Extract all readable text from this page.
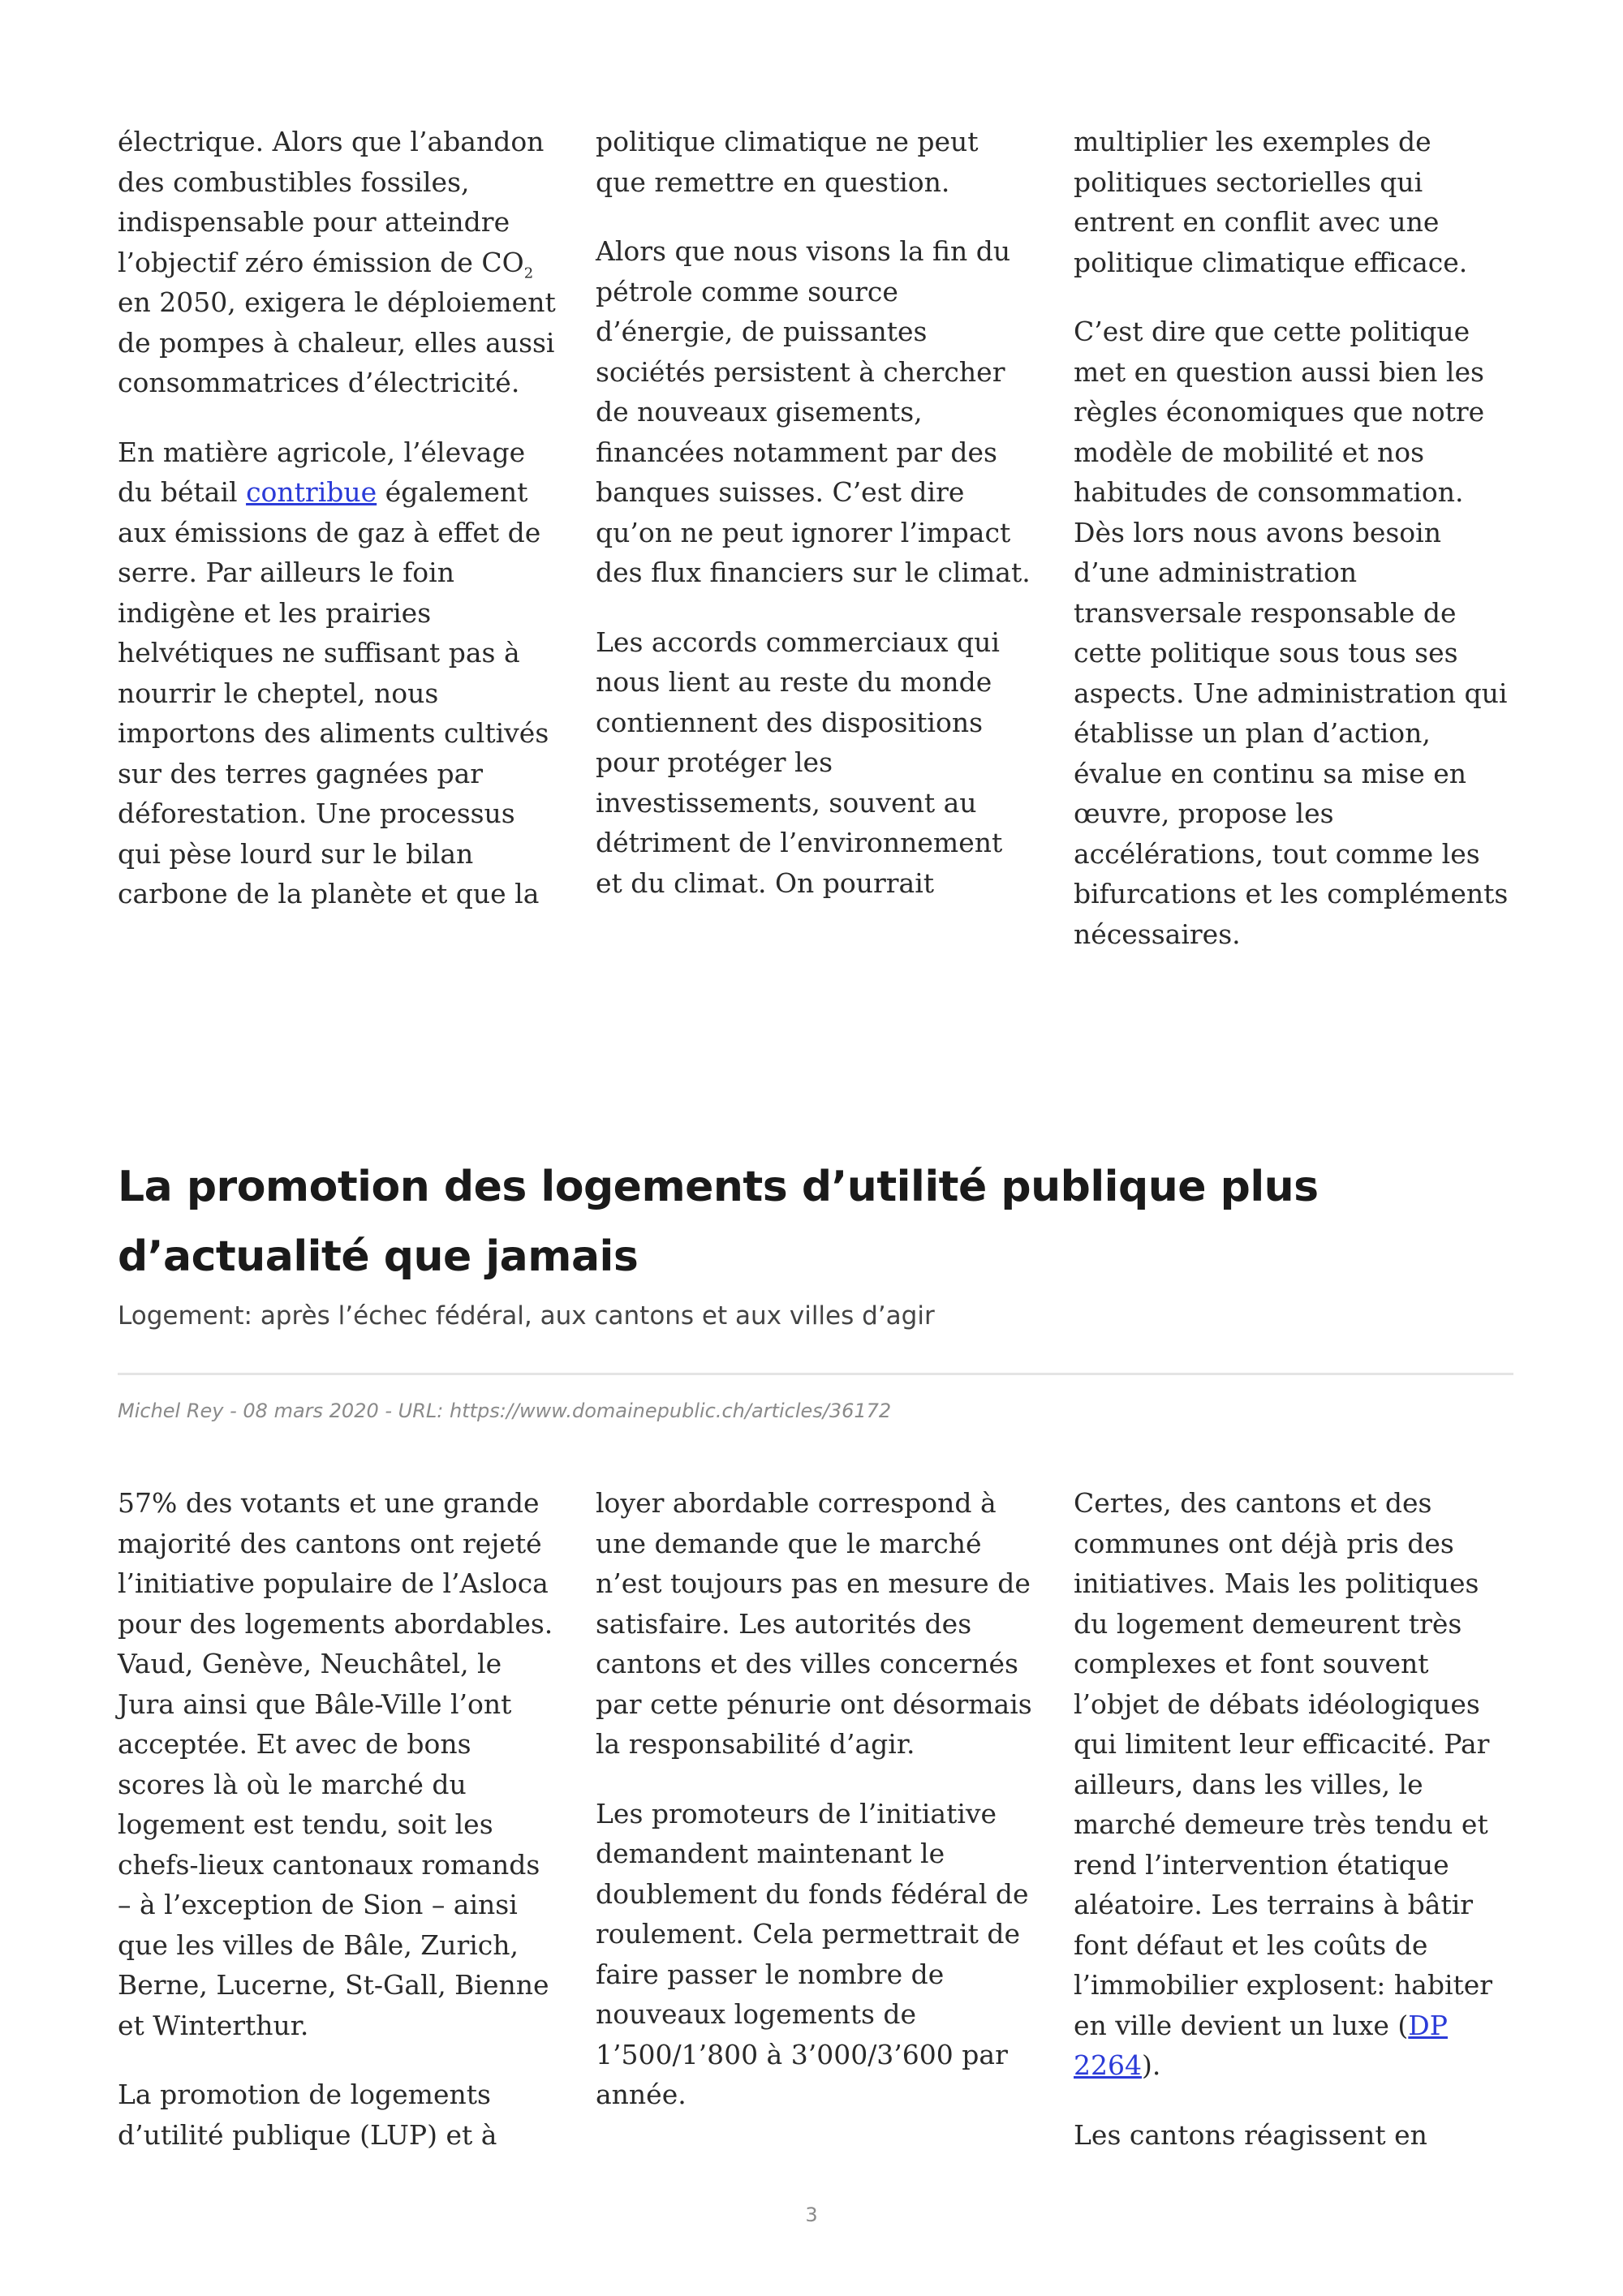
électrique. Alors que l’abandon des combustibles fossiles, indispensable pour atteindre l’objectif zéro émission de $CO_2$ en 2050, exigera le déploiement de pompes à chaleur, elles aussi consommatrices d’électricité.

En matière agricole, l’élevage du bétail contribue également aux émissions de gaz à effet de serre. Par ailleurs le foin indigène et les prairies helvétiques ne suffisant pas à nourrir le cheptel, nous importons des aliments cultivés sur des terres gagnées par déforestation. Une processus qui pèse lourd sur le bilan carbone de la planète et que la

politique climatique ne peut que remettre en question.

Alors que nous visons la fin du pétrole comme source d’énergie, de puissantes sociétés persistent à chercher de nouveaux gisements, financées notamment par des banques suisses. C’est dire qu’on ne peut ignorer l’impact des flux financiers sur le climat.

Les accords commerciaux qui nous lient au reste du monde contiennent des dispositions pour protéger les investissements, souvent au détriment de l’environnement et du climat. On pourrait

multiplier les exemples de politiques sectorielles qui entrent en conflit avec une politique climatique efficace.

C’est dire que cette politique met en question aussi bien les règles économiques que notre modèle de mobilité et nos habitudes de consommation. Dès lors nous avons besoin d’une administration transversale responsable de cette politique sous tous ses aspects. Une administration qui établisse un plan d’action, évalue en continu sa mise en œuvre, propose les accélérations, tout comme les bifurcations et les compléments nécessaires.

La promotion des logements d’utilité publique plus d’actualité que jamais

Logement: après l’échec fédéral, aux cantons et aux villes d’agir

Michel Rey - 08 mars 2020 - URL: https://www.domainepublic.ch/articles/36172

57% des votants et une grande majorité des cantons ont rejeté l’initiative populaire de l’Asloca pour des logements abordables. Vaud, Genève, Neuchâtel, le Jura ainsi que Bâle-Ville l’ont acceptée. Et avec de bons scores là où le marché du logement est tendu, soit les chefs-lieux cantonaux romands – à l’exception de Sion – ainsi que les villes de Bâle, Zurich, Berne, Lucerne, St-Gall, Bienne et Winterthur.

La promotion de logements d’utilité publique (LUP) et à

loyer abordable correspond à une demande que le marché n’est toujours pas en mesure de satisfaire. Les autorités des cantons et des villes concernés par cette pénurie ont désormais la responsabilité d’agir.

Les promoteurs de l’initiative demandent maintenant le doublement du fonds fédéral de roulement. Cela permettrait de faire passer le nombre de nouveaux logements de 1’500/1’800 à 3’000/3’600 par année.

Certes, des cantons et des communes ont déjà pris des initiatives. Mais les politiques du logement demeurent très complexes et font souvent l’objet de débats idéologiques qui limitent leur efficacité. Par ailleurs, dans les villes, le marché demeure très tendu et rend l’intervention étatique aléatoire. Les terrains à bâtir font défaut et les coûts de l’immobilier explosent: habiter en ville devient un luxe (DP 2264).

Les cantons réagissent en

3
